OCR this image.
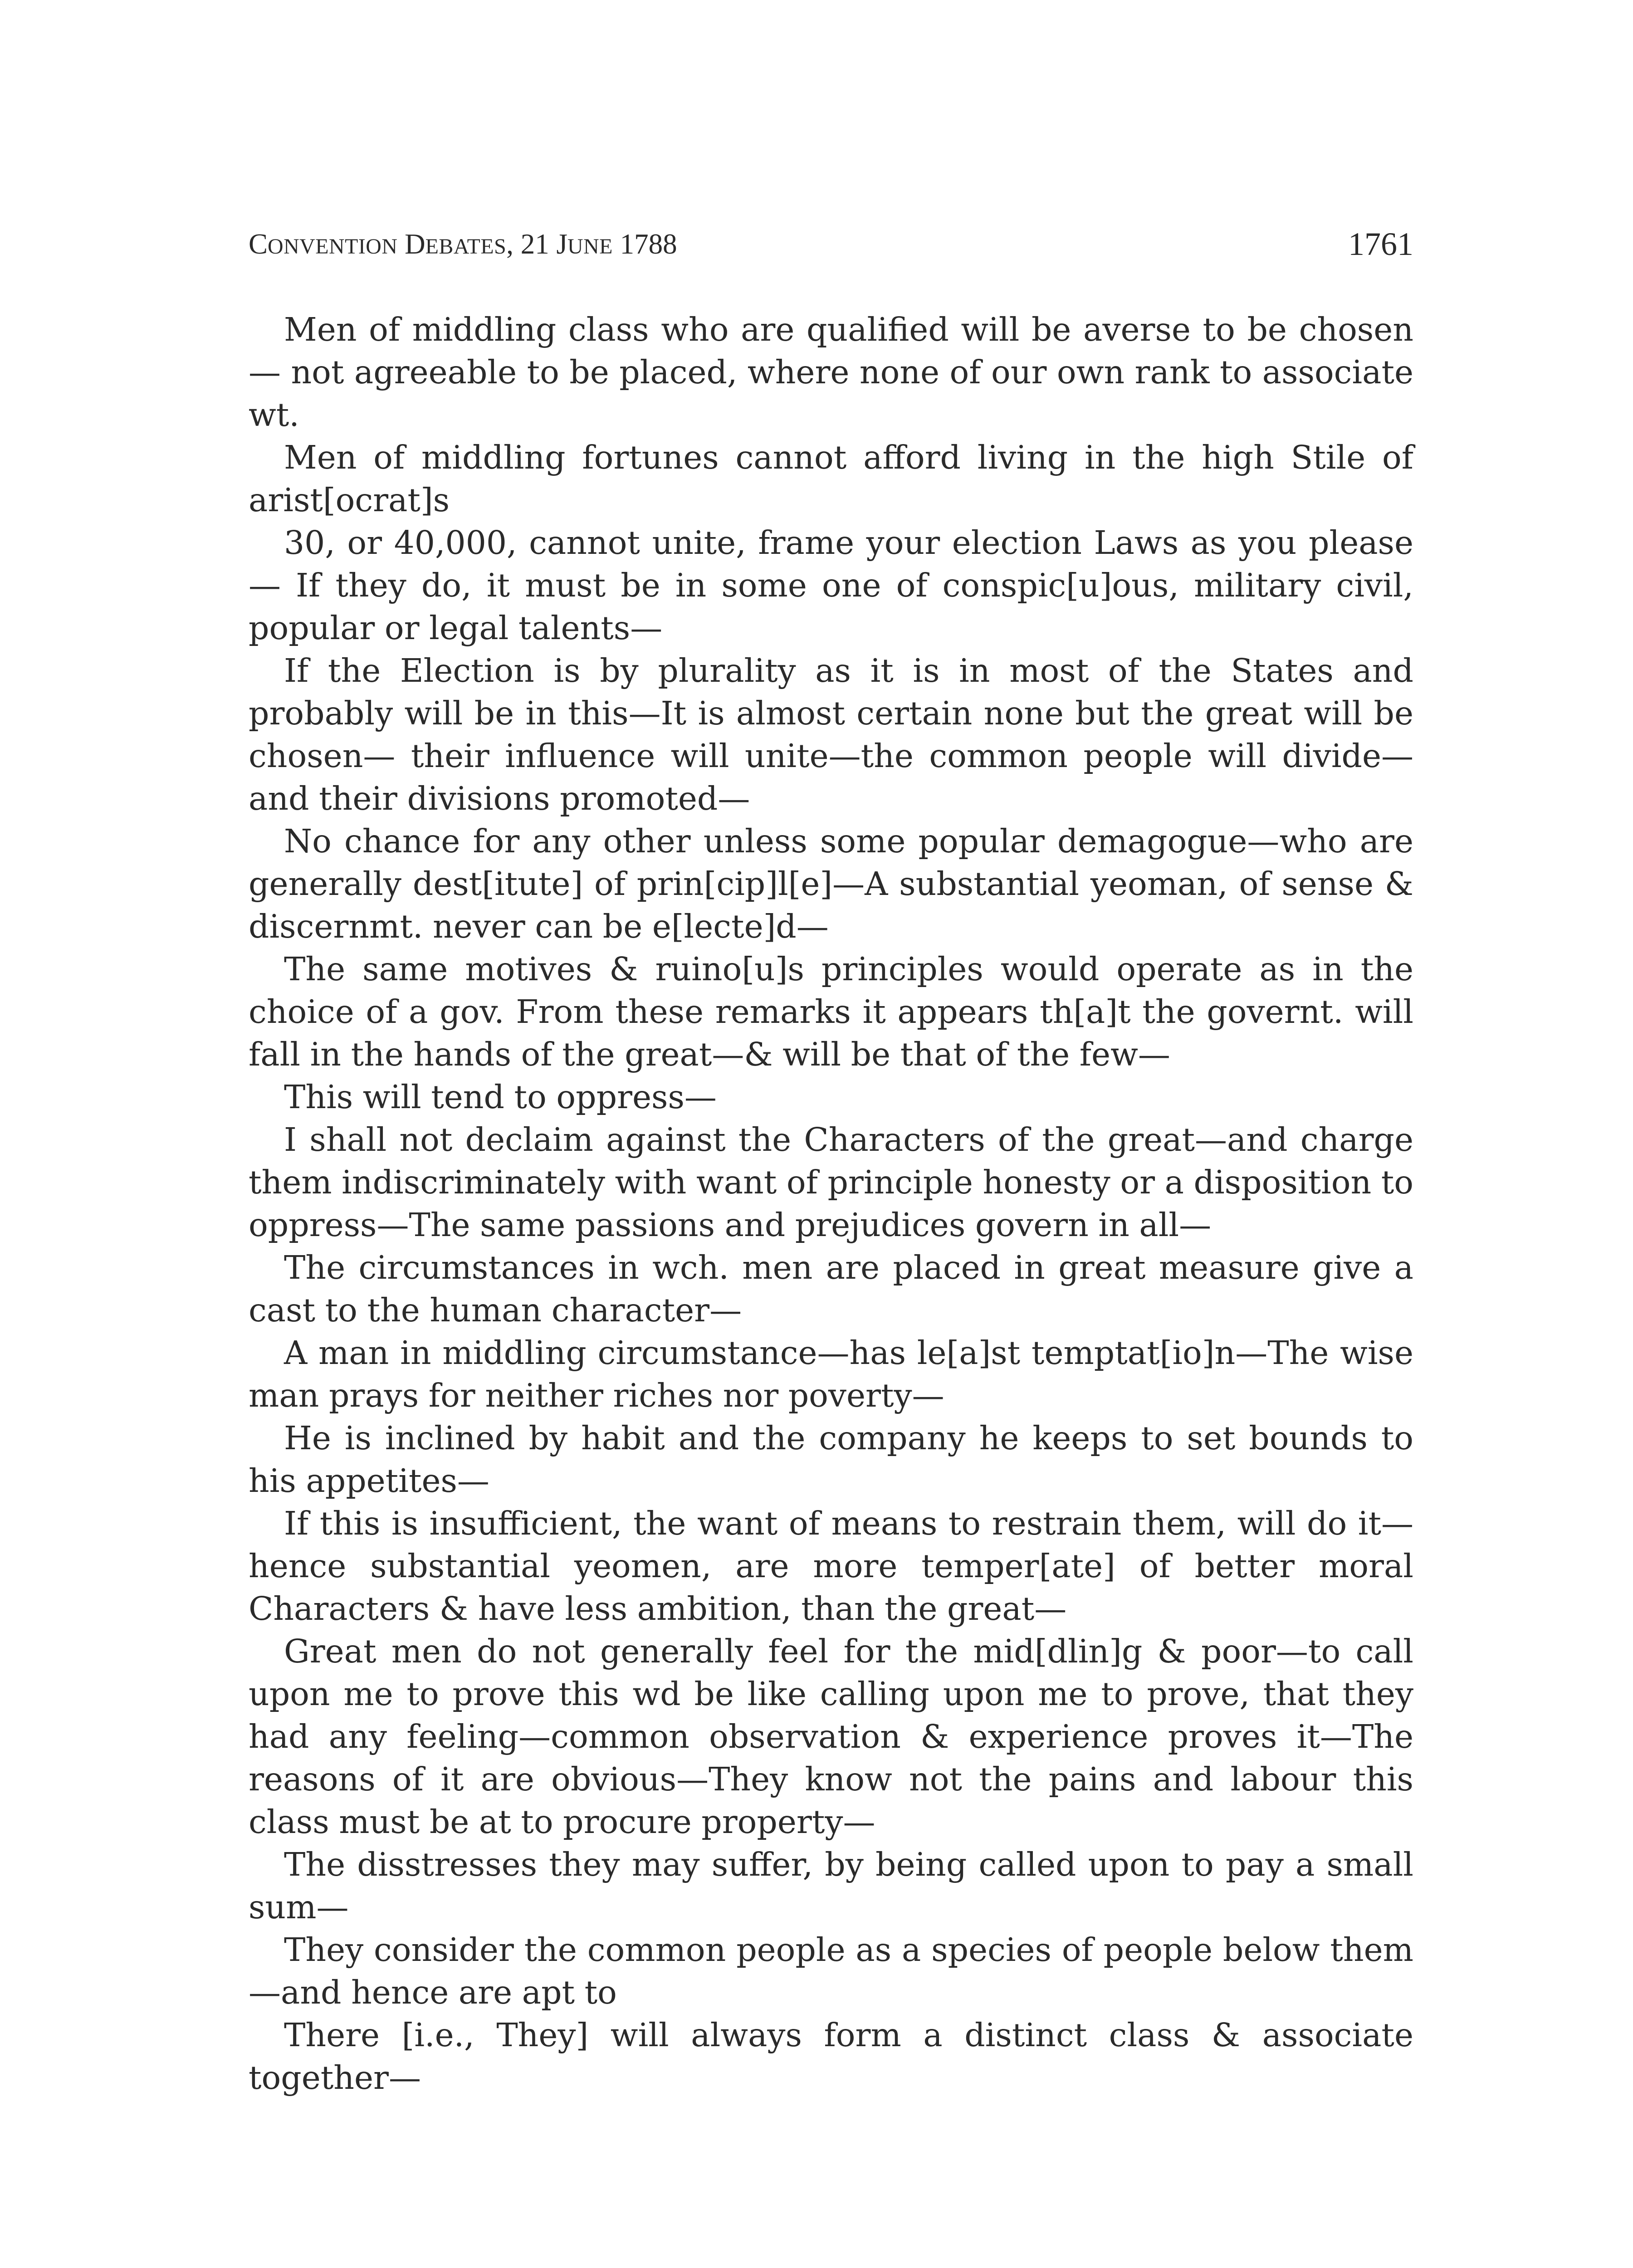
CONVENTION DEBATES, 21 JUNE 1788	1761

Men of middling class who are qualified will be averse to be chosen— not agreeable to be placed, where none of our own rank to associate wt.

Men of middling fortunes cannot afford living in the high Stile of arist[ocrat]s

30, or 40,000, cannot unite, frame your election Laws as you please— If they do, it must be in some one of conspic[u]ous, military civil, popular or legal talents—

If the Election is by plurality as it is in most of the States and probably will be in this—It is almost certain none but the great will be chosen— their influence will unite—the common people will divide—and their divisions promoted—

No chance for any other unless some popular demagogue—who are generally dest[itute] of prin[cip]l[e]—A substantial yeoman, of sense & discernmt. never can be e[lecte]d—

The same motives & ruino[u]s principles would operate as in the choice of a gov. From these remarks it appears th[a]t the governt. will fall in the hands of the great—& will be that of the few—

This will tend to oppress—

I shall not declaim against the Characters of the great—and charge them indiscriminately with want of principle honesty or a disposition to oppress—The same passions and prejudices govern in all—

The circumstances in wch. men are placed in great measure give a cast to the human character—

A man in middling circumstance—has le[a]st temptat[io]n—The wise man prays for neither riches nor poverty—

He is inclined by habit and the company he keeps to set bounds to his appetites—

If this is insufficient, the want of means to restrain them, will do it— hence substantial yeomen, are more temper[ate] of better moral Characters & have less ambition, than the great—

Great men do not generally feel for the mid[dlin]g & poor—to call upon me to prove this wd be like calling upon me to prove, that they had any feeling—common observation & experience proves it—The reasons of it are obvious—They know not the pains and labour this class must be at to procure property—

The disstresses they may suffer, by being called upon to pay a small sum—

They consider the common people as a species of people below them —and hence are apt to

There [i.e., They] will always form a distinct class & associate together—
